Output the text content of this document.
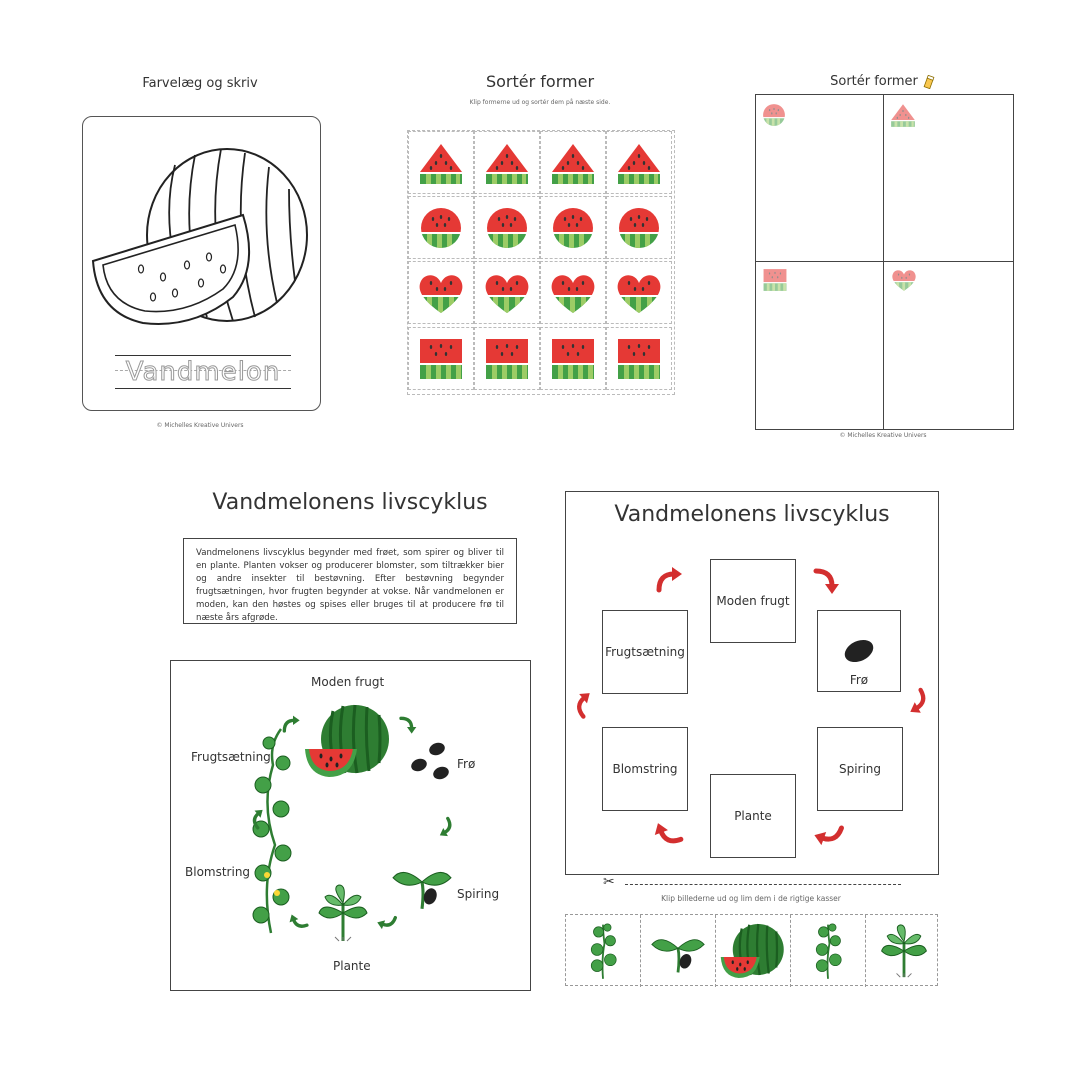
Farvelæg og skriv
Vandmelon
© Michelles Kreative Univers
Sortér former
Klip formerne ud og sortér dem på næste side.
Sortér former
© Michelles Kreative Univers
Vandmelonens livscyklus
Vandmelonens livscyklus begynder med frøet, som spirer og bliver til en plante. Planten vokser og producerer blomster, som tiltrækker bier og andre insekter til bestøvning. Efter bestøvning begynder frugtsætningen, hvor frugten begynder at vokse. Når vandmelonen er moden, kan den høstes og spises eller bruges til at producere frø til næste års afgrøde.
Moden frugt
Frugtsætning	Frø
Blomstring
Spiring
Plante
Vandmelonens livscyklus
Moden frugt
Frugtsætning
Frø
Blomstring	Spiring
Plante
✂
Klip billederne ud og lim dem i de rigtige kasser
